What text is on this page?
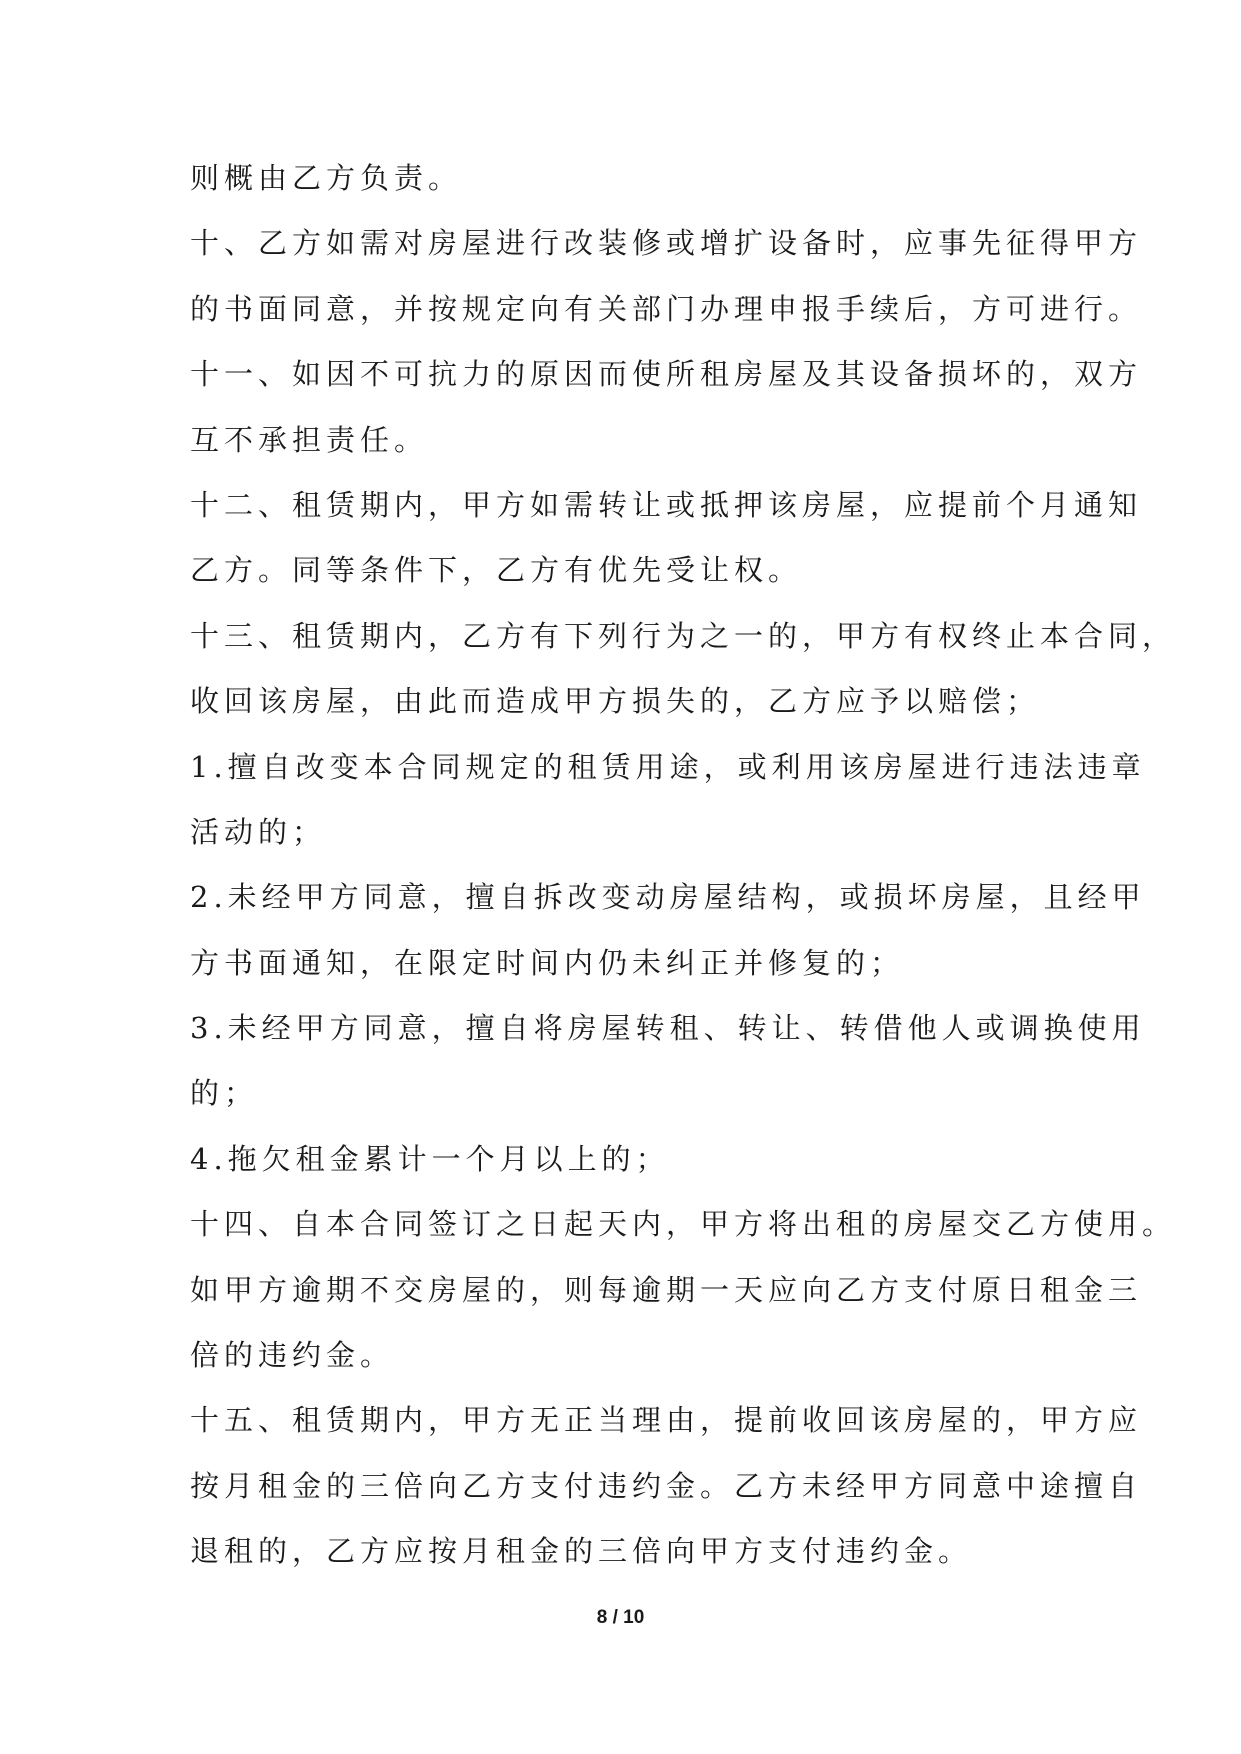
则概由乙方负责。
十、乙方如需对房屋进行改装修或增扩设备时，应事先征得甲方
的书面同意，并按规定向有关部门办理申报手续后，方可进行。
十一、如因不可抗力的原因而使所租房屋及其设备损坏的，双方
互不承担责任。
十二、租赁期内，甲方如需转让或抵押该房屋，应提前个月通知
乙方。同等条件下，乙方有优先受让权。
十三、租赁期内，乙方有下列行为之一的，甲方有权终止本合同，
收回该房屋，由此而造成甲方损失的，乙方应予以赔偿；
1.擅自改变本合同规定的租赁用途，或利用该房屋进行违法违章
活动的；
2.未经甲方同意，擅自拆改变动房屋结构，或损坏房屋，且经甲
方书面通知，在限定时间内仍未纠正并修复的；
3.未经甲方同意，擅自将房屋转租、转让、转借他人或调换使用
的；
4.拖欠租金累计一个月以上的；
十四、自本合同签订之日起天内，甲方将出租的房屋交乙方使用。
如甲方逾期不交房屋的，则每逾期一天应向乙方支付原日租金三
倍的违约金。
十五、租赁期内，甲方无正当理由，提前收回该房屋的，甲方应
按月租金的三倍向乙方支付违约金。乙方未经甲方同意中途擅自
退租的，乙方应按月租金的三倍向甲方支付违约金。
8 / 10
